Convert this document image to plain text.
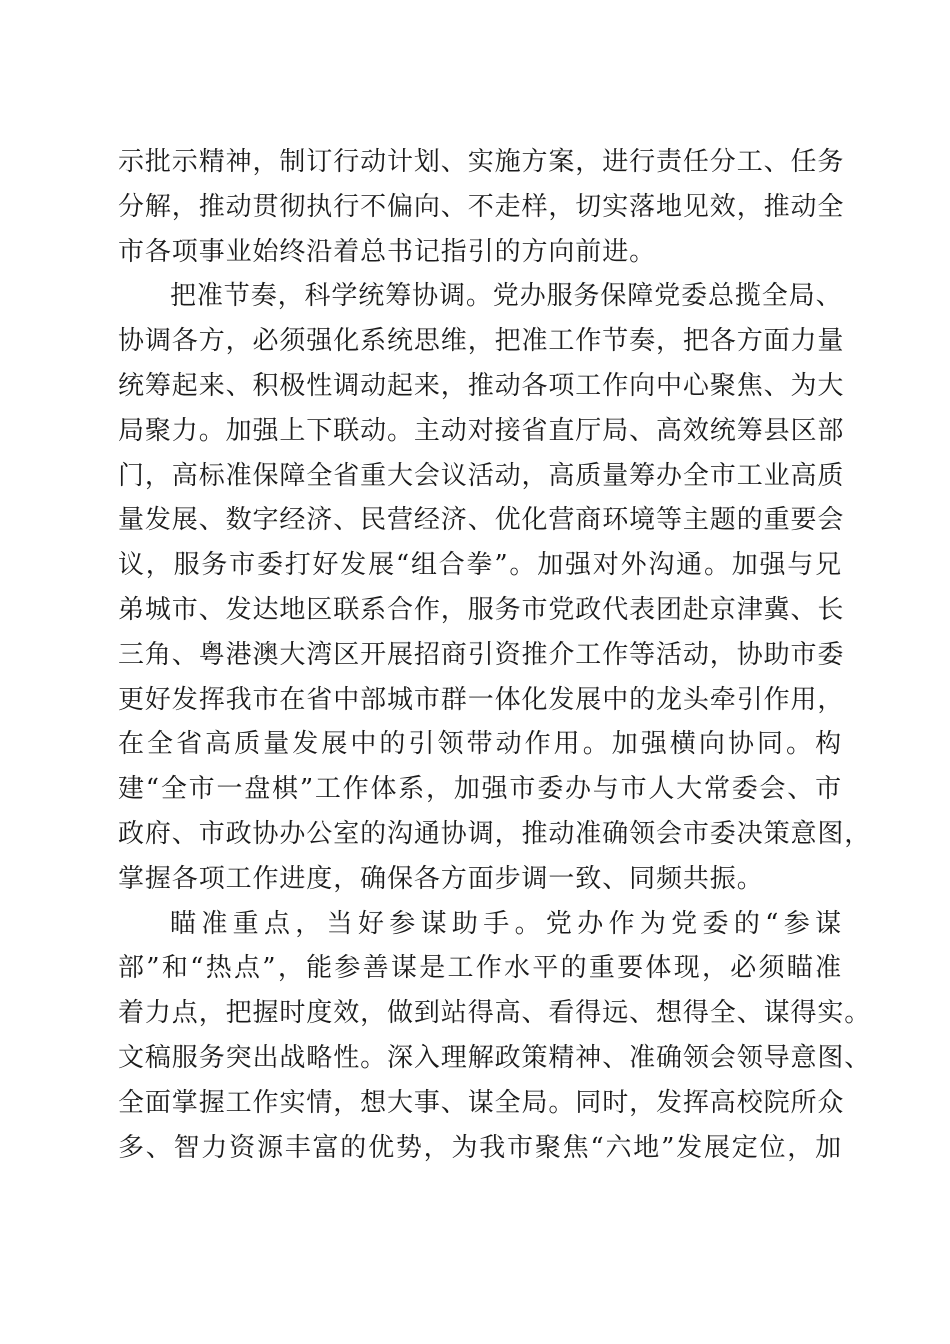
示批示精神，制订行动计划、实施方案，进行责任分工、任务
分解，推动贯彻执行不偏向、不走样，切实落地见效，推动全
市各项事业始终沿着总书记指引的方向前进。
把准节奏，科学统筹协调。党办服务保障党委总揽全局、
协调各方，必须强化系统思维，把准工作节奏，把各方面力量
统筹起来、积极性调动起来，推动各项工作向中心聚焦、为大
局聚力。加强上下联动。主动对接省直厅局、高效统筹县区部
门，高标准保障全省重大会议活动，高质量筹办全市工业高质
量发展、数字经济、民营经济、优化营商环境等主题的重要会
议，服务市委打好发展“组合拳”。加强对外沟通。加强与兄
弟城市、发达地区联系合作，服务市党政代表团赴京津冀、长
三角、粤港澳大湾区开展招商引资推介工作等活动，协助市委
更好发挥我市在省中部城市群一体化发展中的龙头牵引作用，
在全省高质量发展中的引领带动作用。加强横向协同。构
建“全市一盘棋”工作体系，加强市委办与市人大常委会、市
政府、市政协办公室的沟通协调，推动准确领会市委决策意图，
掌握各项工作进度，确保各方面步调一致、同频共振。
瞄准重点，当好参谋助手。党办作为党委的“参谋
部”和“热点”，能参善谋是工作水平的重要体现，必须瞄准
着力点，把握时度效，做到站得高、看得远、想得全、谋得实。
文稿服务突出战略性。深入理解政策精神、准确领会领导意图、
全面掌握工作实情，想大事、谋全局。同时，发挥高校院所众
多、智力资源丰富的优势，为我市聚焦“六地”发展定位，加
